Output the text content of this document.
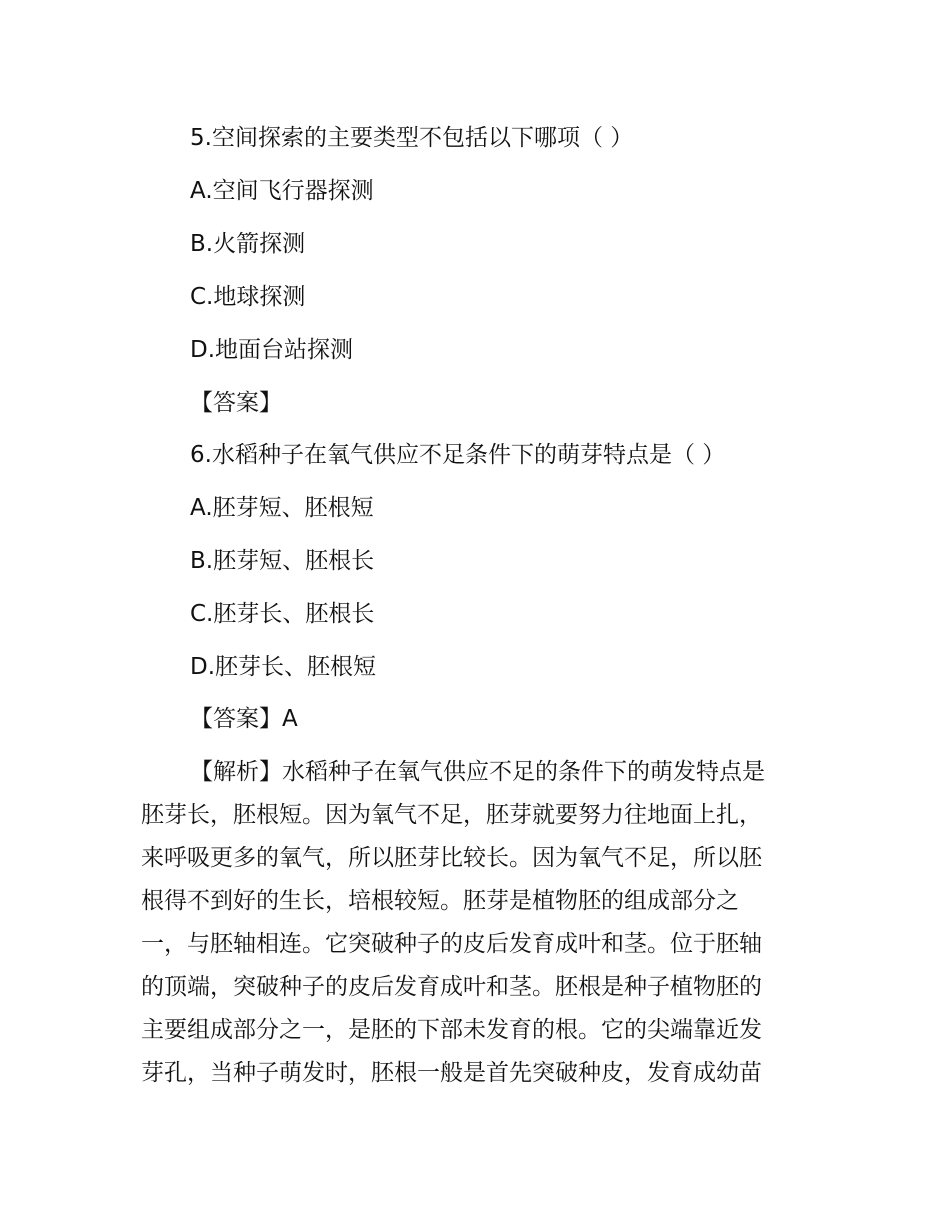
5.空间探索的主要类型不包括以下哪项（ ）
A.空间飞行器探测
B.火箭探测
C.地球探测
D.地面台站探测
【答案】
6.水稻种子在氧气供应不足条件下的萌芽特点是（ ）
A.胚芽短、胚根短
B.胚芽短、胚根长
C.胚芽长、胚根长
D.胚芽长、胚根短
【答案】A
【解析】水稻种子在氧气供应不足的条件下的萌发特点是
胚芽长，胚根短。因为氧气不足，胚芽就要努力往地面上扎，
来呼吸更多的氧气，所以胚芽比较长。因为氧气不足，所以胚
根得不到好的生长，培根较短。胚芽是植物胚的组成部分之
一，与胚轴相连。它突破种子的皮后发育成叶和茎。位于胚轴
的顶端，突破种子的皮后发育成叶和茎。胚根是种子植物胚的
主要组成部分之一，是胚的下部未发育的根。它的尖端靠近发
芽孔，当种子萌发时，胚根一般是首先突破种皮，发育成幼苗
